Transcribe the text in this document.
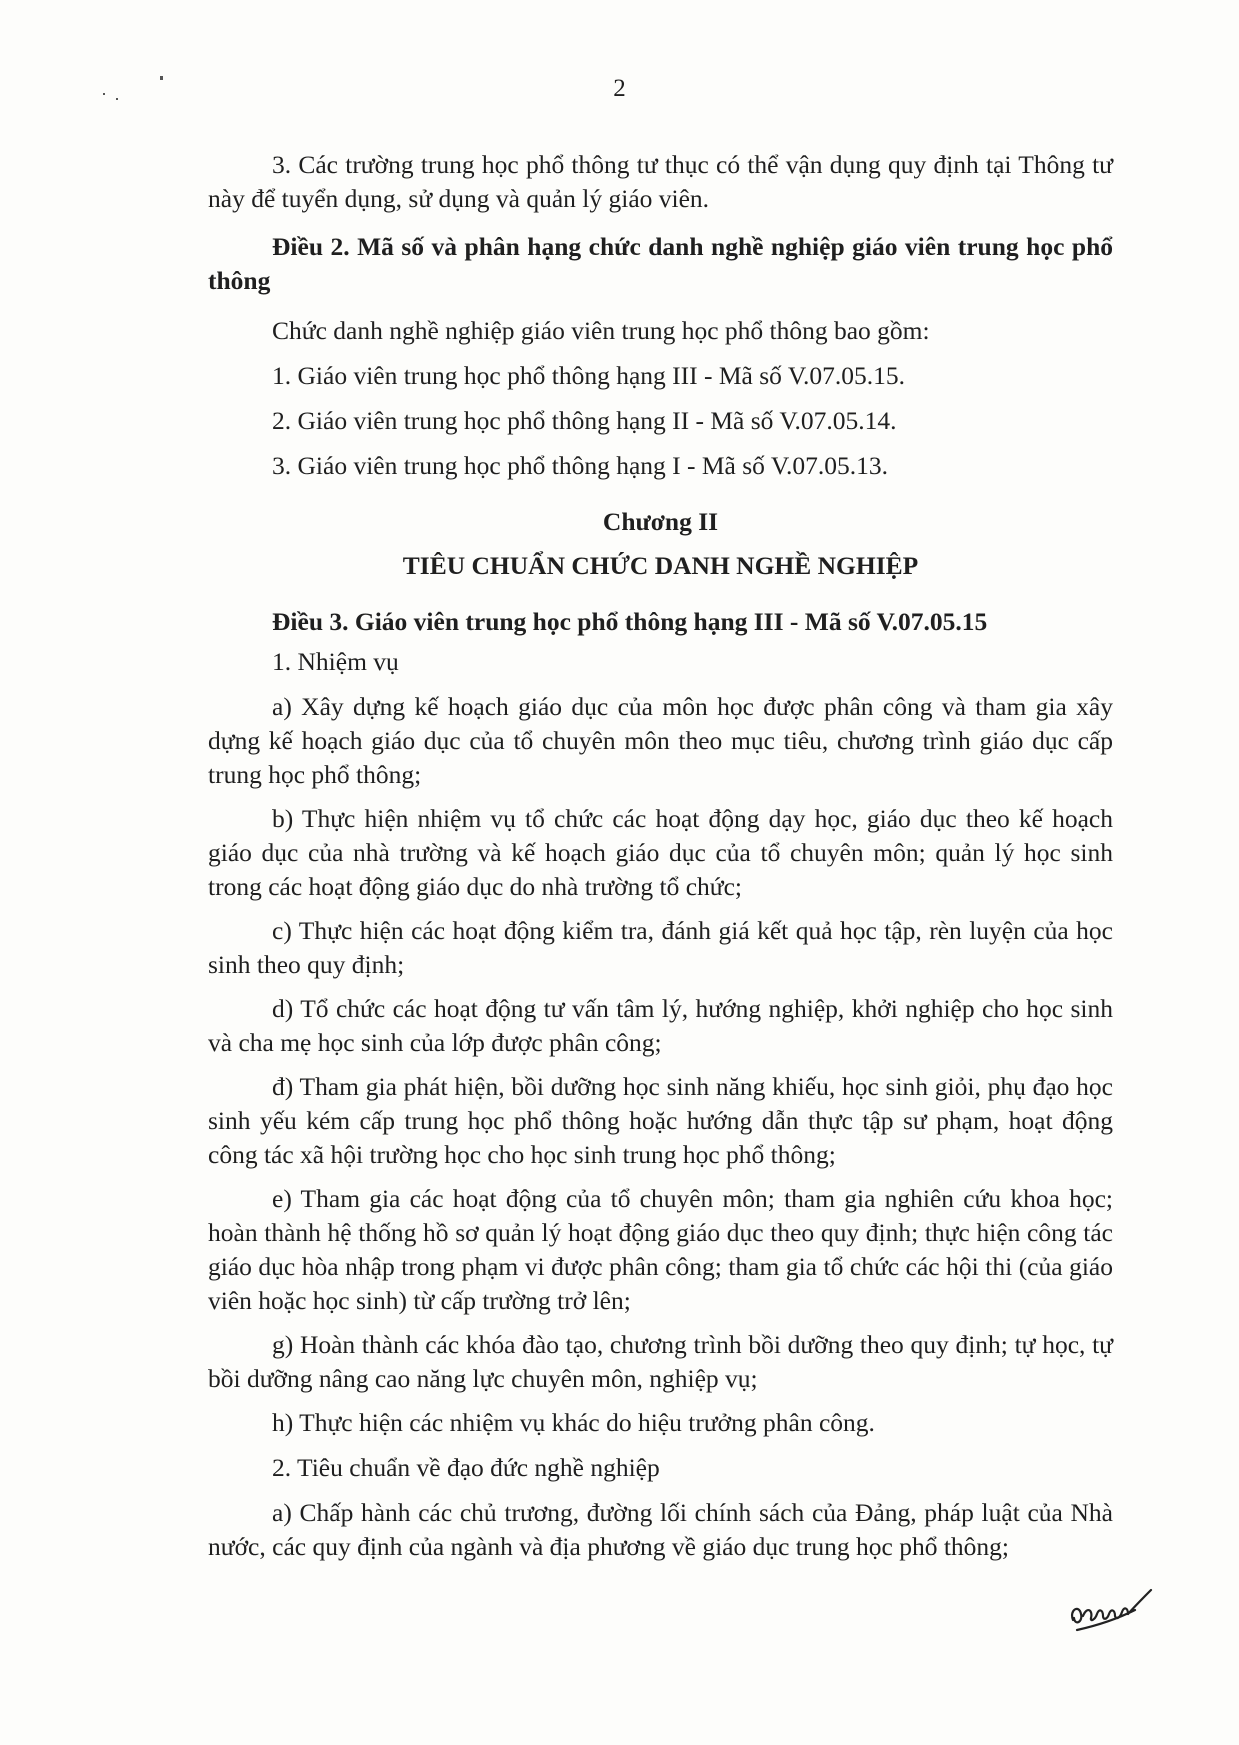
2

3. Các trường trung học phổ thông tư thục có thể vận dụng quy định tại Thông tư này để tuyển dụng, sử dụng và quản lý giáo viên.

Điều 2. Mã số và phân hạng chức danh nghề nghiệp giáo viên trung học phổ thông

Chức danh nghề nghiệp giáo viên trung học phổ thông bao gồm:

1. Giáo viên trung học phổ thông hạng III - Mã số V.07.05.15.

2. Giáo viên trung học phổ thông hạng II - Mã số V.07.05.14.

3. Giáo viên trung học phổ thông hạng I - Mã số V.07.05.13.

Chương II

TIÊU CHUẨN CHỨC DANH NGHỀ NGHIỆP

Điều 3. Giáo viên trung học phổ thông hạng III - Mã số V.07.05.15

1. Nhiệm vụ

a) Xây dựng kế hoạch giáo dục của môn học được phân công và tham gia xây dựng kế hoạch giáo dục của tổ chuyên môn theo mục tiêu, chương trình giáo dục cấp trung học phổ thông;

b) Thực hiện nhiệm vụ tổ chức các hoạt động dạy học, giáo dục theo kế hoạch giáo dục của nhà trường và kế hoạch giáo dục của tổ chuyên môn; quản lý học sinh trong các hoạt động giáo dục do nhà trường tổ chức;

c) Thực hiện các hoạt động kiểm tra, đánh giá kết quả học tập, rèn luyện của học sinh theo quy định;

d) Tổ chức các hoạt động tư vấn tâm lý, hướng nghiệp, khởi nghiệp cho học sinh và cha mẹ học sinh của lớp được phân công;

đ) Tham gia phát hiện, bồi dưỡng học sinh năng khiếu, học sinh giỏi, phụ đạo học sinh yếu kém cấp trung học phổ thông hoặc hướng dẫn thực tập sư phạm, hoạt động công tác xã hội trường học cho học sinh trung học phổ thông;

e) Tham gia các hoạt động của tổ chuyên môn; tham gia nghiên cứu khoa học; hoàn thành hệ thống hồ sơ quản lý hoạt động giáo dục theo quy định; thực hiện công tác giáo dục hòa nhập trong phạm vi được phân công; tham gia tổ chức các hội thi (của giáo viên hoặc học sinh) từ cấp trường trở lên;

g) Hoàn thành các khóa đào tạo, chương trình bồi dưỡng theo quy định; tự học, tự bồi dưỡng nâng cao năng lực chuyên môn, nghiệp vụ;

h) Thực hiện các nhiệm vụ khác do hiệu trưởng phân công.

2. Tiêu chuẩn về đạo đức nghề nghiệp

a) Chấp hành các chủ trương, đường lối chính sách của Đảng, pháp luật của Nhà nước, các quy định của ngành và địa phương về giáo dục trung học phổ thông;
